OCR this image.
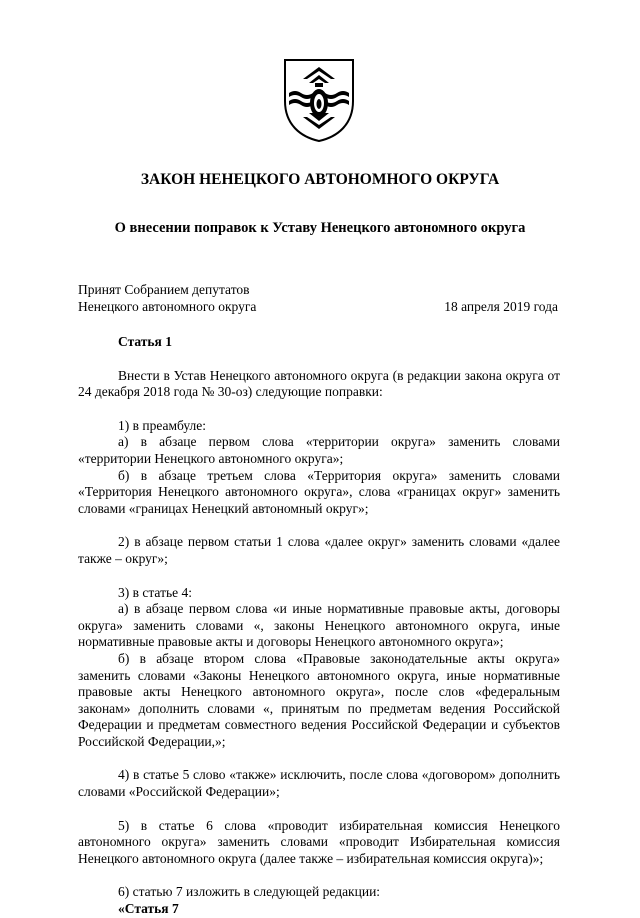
ЗАКОН НЕНЕЦКОГО АВТОНОМНОГО ОКРУГА
О внесении поправок к Уставу Ненецкого автономного округа
Принят Собранием депутатов
Ненецкого автономного округа	18 апреля 2019 года

Статья 1

Внести в Устав Ненецкого автономного округа (в редакции закона округа от 24 декабря 2018 года № 30-оз) следующие поправки:

1) в преамбуле:

а) в абзаце первом слова «территории округа» заменить словами «территории Ненецкого автономного округа»;

б) в абзаце третьем слова «Территория округа» заменить словами «Территория Ненецкого автономного округа», слова «границах округ» заменить словами «границах Ненецкий автономный округ»;

2) в абзаце первом статьи 1 слова «далее округ» заменить словами «далее также – округ»;

3) в статье 4:

а) в абзаце первом слова «и иные нормативные правовые акты, договоры округа» заменить словами «, законы Ненецкого автономного округа, иные нормативные правовые акты и договоры Ненецкого автономного округа»;

б) в абзаце втором слова «Правовые законодательные акты округа» заменить словами «Законы Ненецкого автономного округа, иные нормативные правовые акты Ненецкого автономного округа», после слов «федеральным законам» дополнить словами «, принятым по предметам ведения Российской Федерации и предметам совместного ведения Российской Федерации и субъектов Российской Федерации,»;

4) в статье 5 слово «также» исключить, после слова «договором» дополнить словами «Российской Федерации»;

5) в статье 6 слова «проводит избирательная комиссия Ненецкого автономного округа» заменить словами «проводит Избирательная комиссия Ненецкого автономного округа (далее также – избирательная комиссия округа)»;

6) статью 7 изложить в следующей редакции:

«Статья 7
